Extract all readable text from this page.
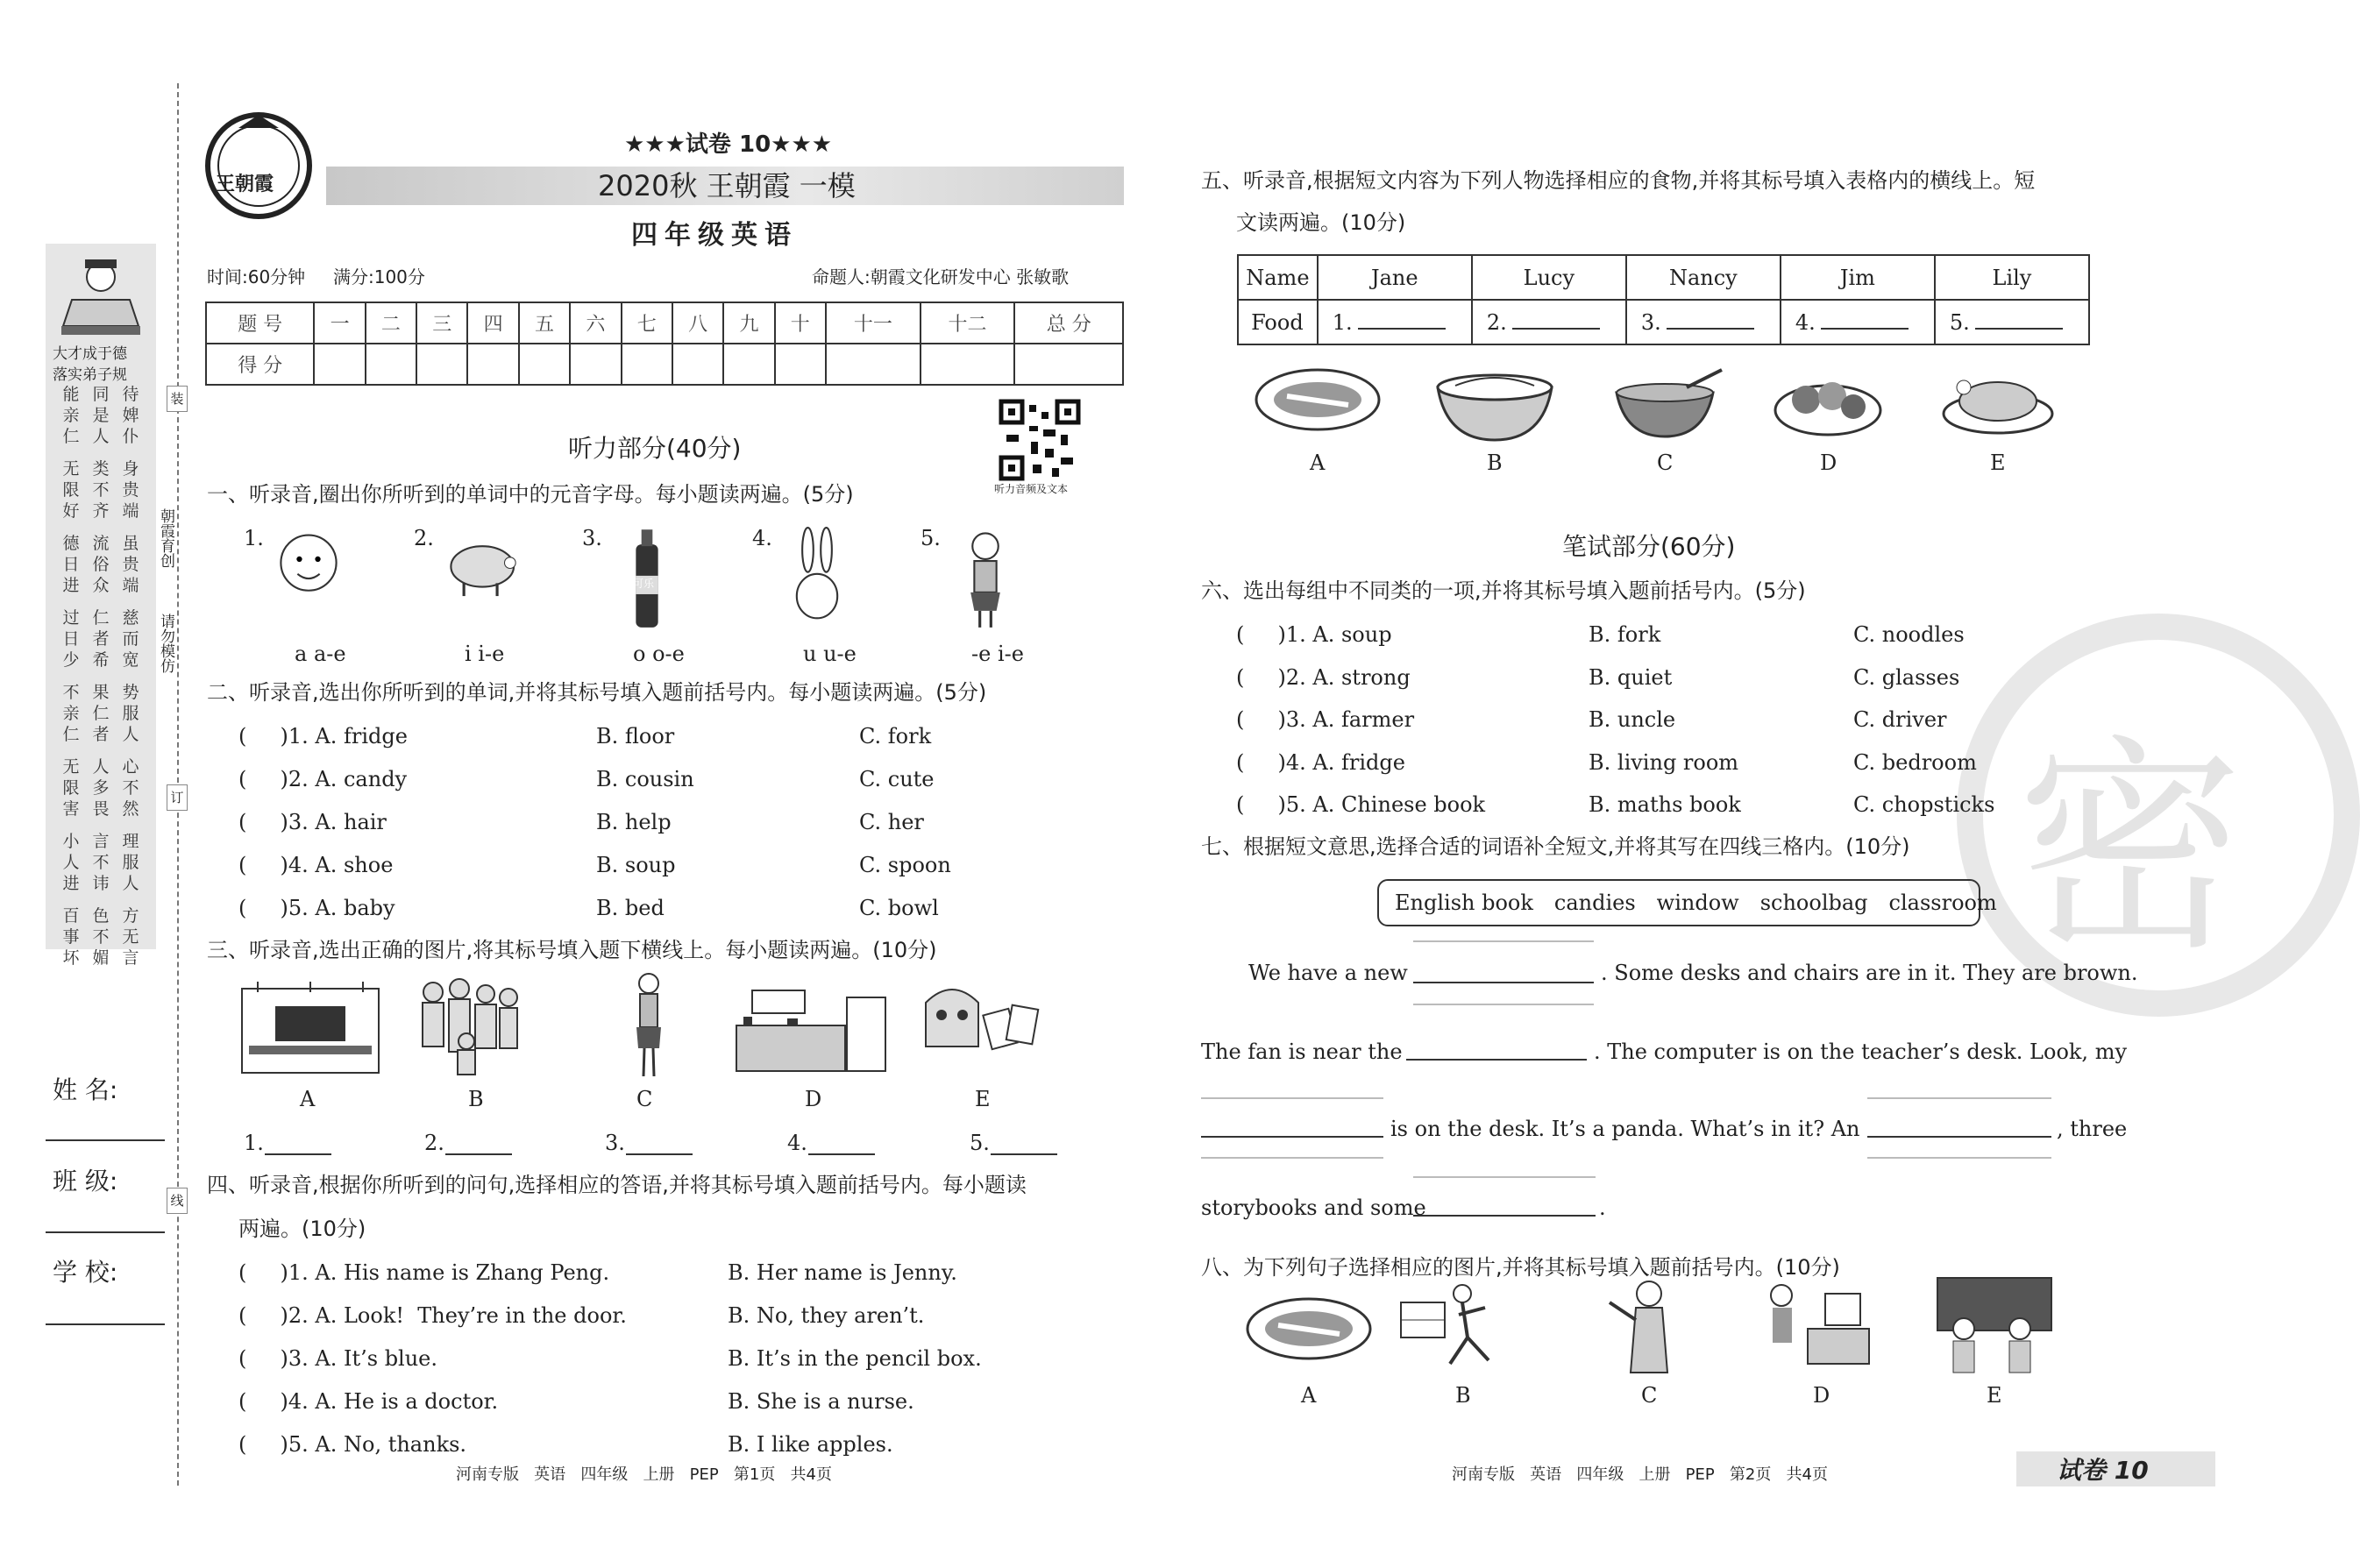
大才成于德
落实弟子规
能亲仁
同是人
待婢仆
无限好
类不齐
身贵端
德日进
流俗众
虽贵端
过日少
仁者希
慈而宽
不亲仁
果仁者
势服人
无限害
人多畏
心不然
小人进
言不讳
理服人
百事坏
色不媚
方无言
朝霞育创
请勿模仿
装
订
线
姓 名:
班 级:
学 校:
王朝霞
★★★试卷 10★★★
2020秋 王朝霞 一模
四年级英语
时间:60分钟 满分:100分	命题人:朝霞文化研发中心 张敏歌
题 号	一	二	三	四	五	六	七	八	九	十	十一	十二	总 分
得 分													
听力音频及文本
听力部分(40分)
一、听录音,圈出你所听到的单词中的元音字母。每小题读两遍。(5分)
1.
a a-e
2.
i i-e
3.
可乐
o o-e
4.
u u-e
5.
-e i-e
二、听录音,选出你所听到的单词,并将其标号填入题前括号内。每小题读两遍。(5分)
(     )1. A. fridge	B. floor	C. fork
(     )2. A. candy	B. cousin	C. cute
(     )3. A. hair	B. help	C. her
(     )4. A. shoe	B. soup	C. spoon
(     )5. A. baby	B. bed	C. bowl
三、听录音,选出正确的图片,将其标号填入题下横线上。每小题读两遍。(10分)
A	B	C	D	E
1.	2.	3.	4.	5.
四、听录音,根据你所听到的问句,选择相应的答语,并将其标号填入题前括号内。每小题读
两遍。(10分)
(     )1. A. His name is Zhang Peng.	B. Her name is Jenny.
(     )2. A. Look!  They’re in the door.	B. No, they aren’t.
(     )3. A. It’s blue.	B. It’s in the pencil box.
(     )4. A. He is a doctor.	B. She is a nurse.
(     )5. A. No, thanks.	B. I like apples.
密
五、听录音,根据短文内容为下列人物选择相应的食物,并将其标号填入表格内的横线上。短
文读两遍。(10分)
Name	Jane	Lucy	Nancy	Jim	Lily
Food	1.	2.	3.	4.	5.
A	B	C	D	E
笔试部分(60分)
六、选出每组中不同类的一项,并将其标号填入题前括号内。(5分)
(     )1. A. soup	B. fork	C. noodles
(     )2. A. strong	B. quiet	C. glasses
(     )3. A. farmer	B. uncle	C. driver
(     )4. A. fridge	B. living room	C. bedroom
(     )5. A. Chinese book	B. maths book	C. chopsticks
七、根据短文意思,选择合适的词语补全短文,并将其写在四线三格内。(10分)
English book candies window schoolbag classroom
We have a new	. Some desks and chairs are in it. They are brown.
The fan is near the	. The computer is on the teacher’s desk. Look, my
is on the desk. It’s a panda. What’s in it? An	, three
storybooks and some	.
八、为下列句子选择相应的图片,并将其标号填入题前括号内。(10分)
A	B	C	D	E
河南专版   英语   四年级   上册   PEP   第1页   共4页	河南专版   英语   四年级   上册   PEP   第2页   共4页	试卷 10
